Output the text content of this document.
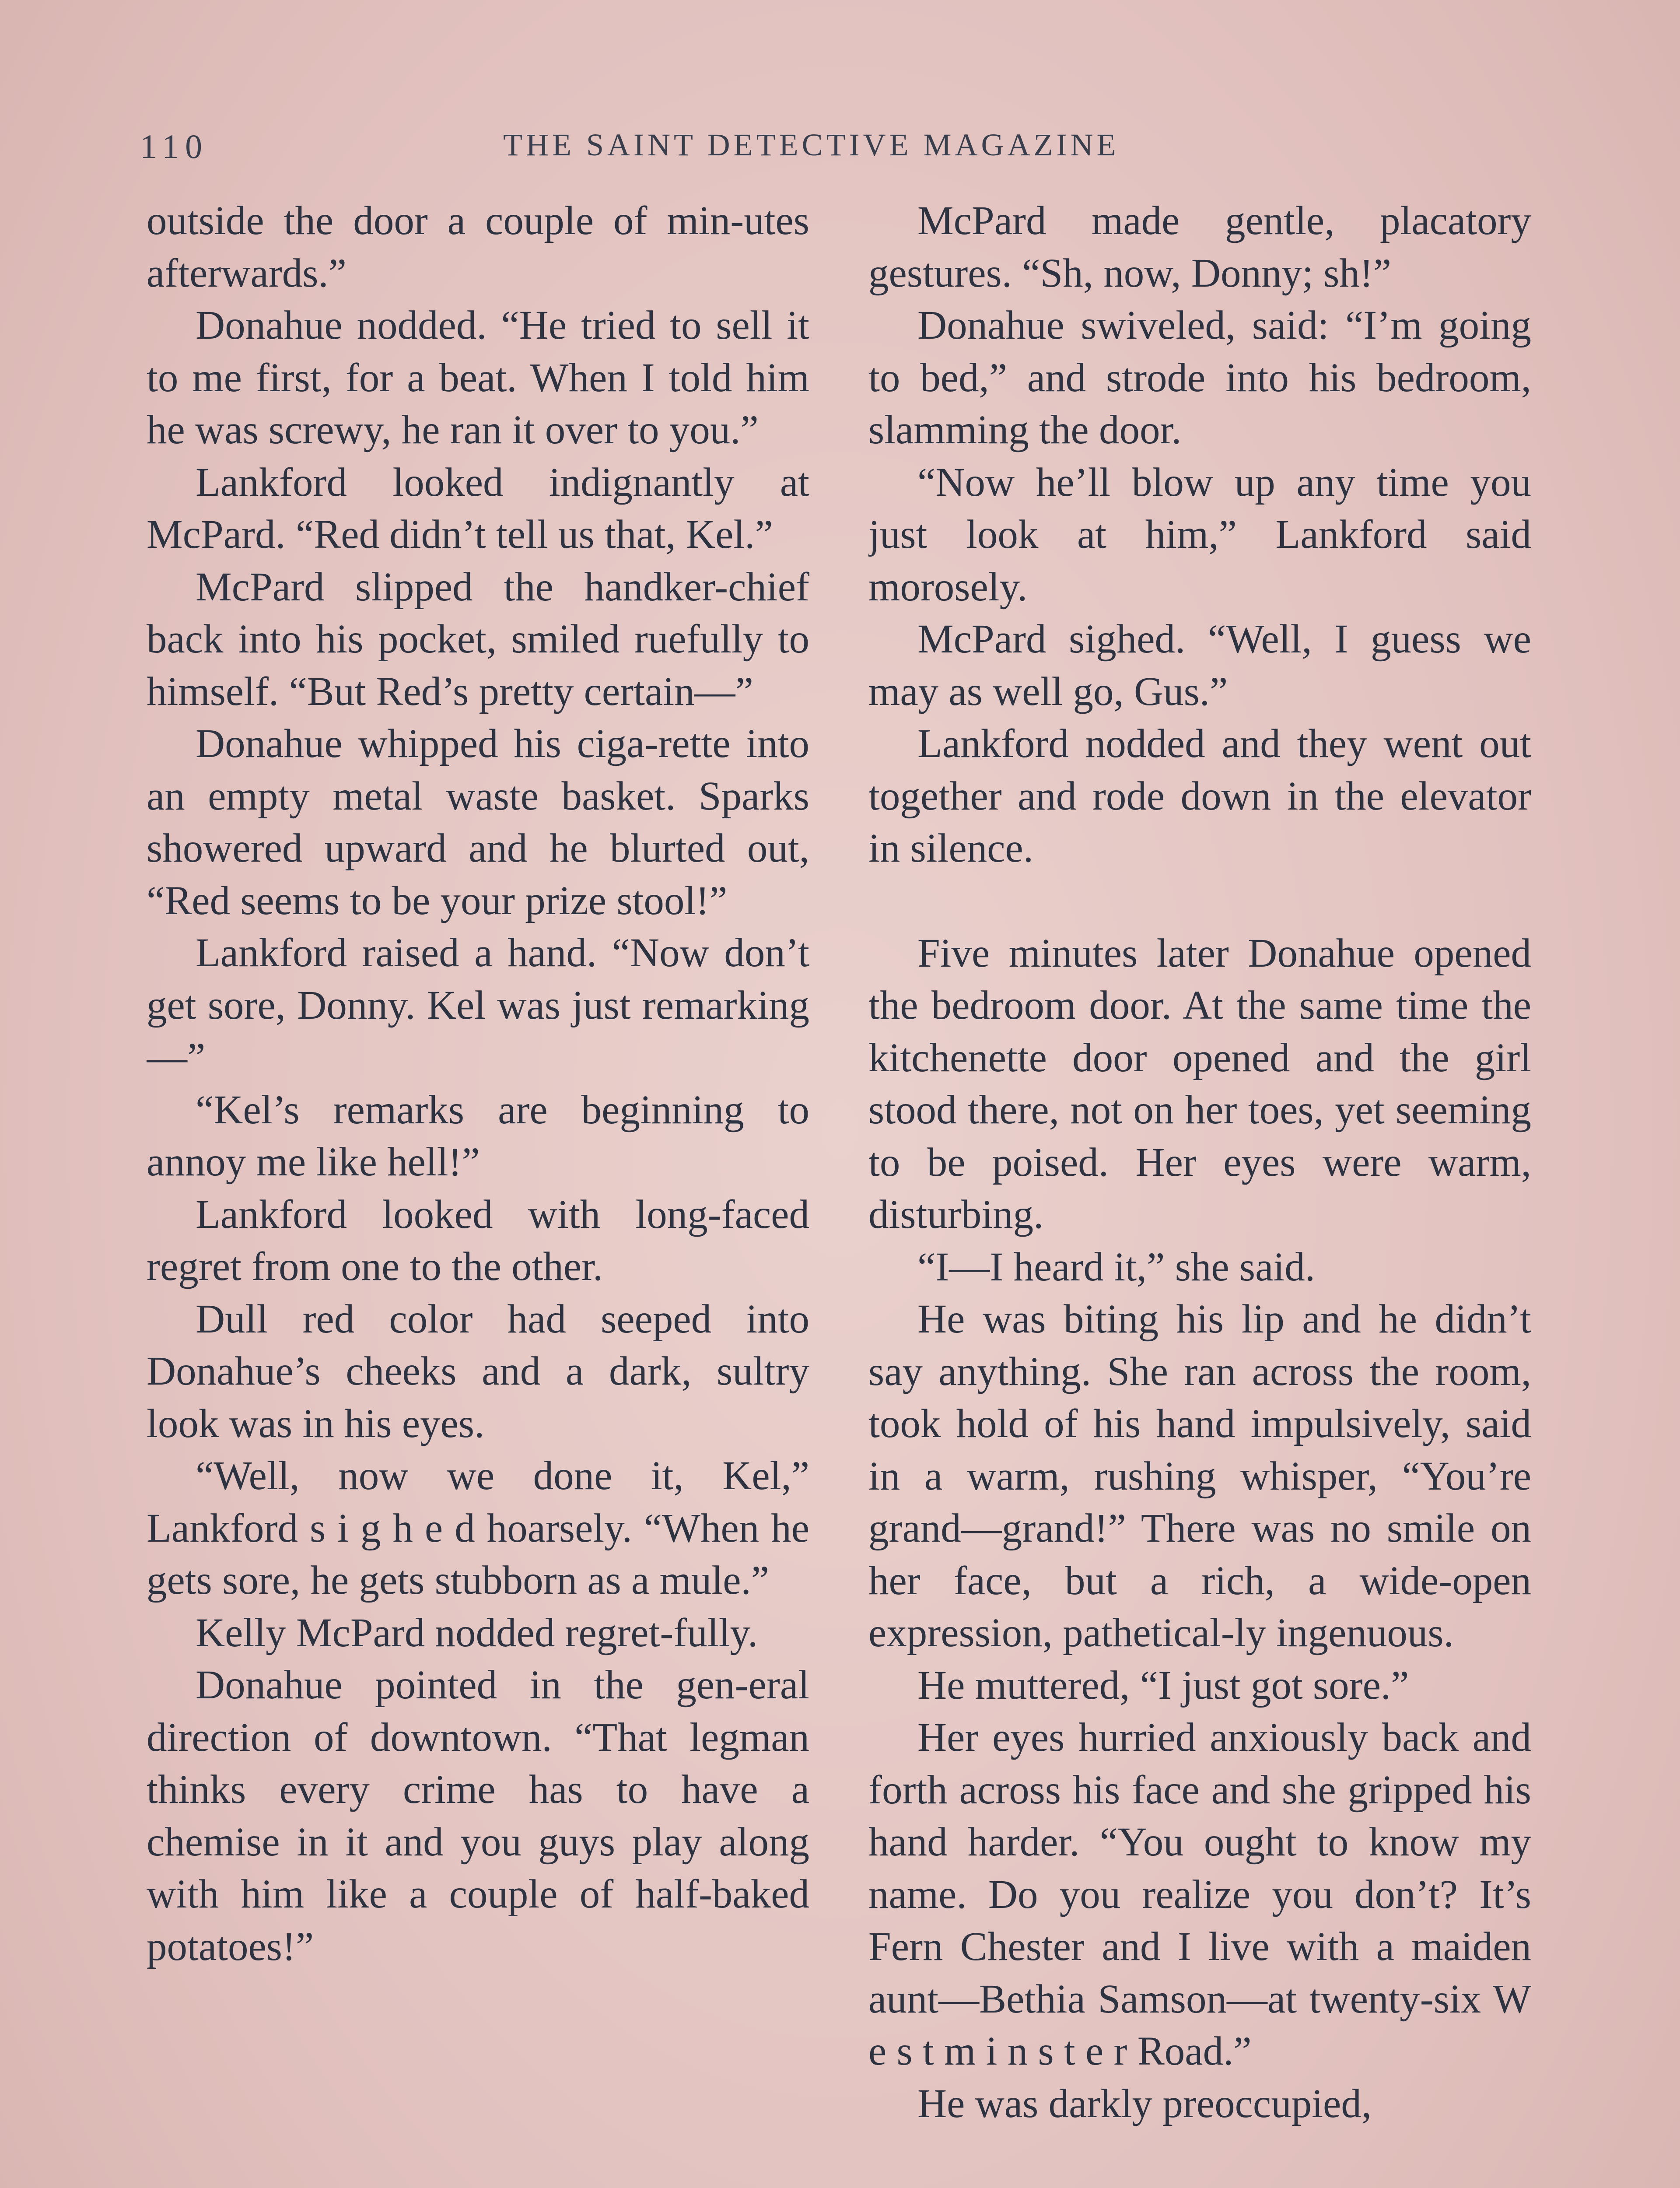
110	THE SAINT DETECTIVE MAGAZINE

outside the door a couple of min-utes afterwards.”

Donahue nodded. “He tried to sell it to me first, for a beat. When I told him he was screwy, he ran it over to you.”

Lankford looked indignantly at McPard. “Red didn’t tell us that, Kel.”

McPard slipped the handker-chief back into his pocket, smiled ruefully to himself. “But Red’s pretty certain—”

Donahue whipped his ciga-rette into an empty metal waste basket. Sparks showered upward and he blurted out, “Red seems to be your prize stool!”

Lankford raised a hand. “Now don’t get sore, Donny. Kel was just remarking—”

“Kel’s remarks are beginning to annoy me like hell!”

Lankford looked with long-faced regret from one to the other.

Dull red color had seeped into Donahue’s cheeks and a dark, sultry look was in his eyes.

“Well, now we done it, Kel,” Lankford s i g h e d hoarsely. “When he gets sore, he gets stubborn as a mule.”

Kelly McPard nodded regret-fully.

Donahue pointed in the gen-eral direction of downtown. “That legman thinks every crime has to have a chemise in it and you guys play along with him like a couple of half-baked potatoes!”

McPard made gentle, placatory gestures. “Sh, now, Donny; sh!”

Donahue swiveled, said: “I’m going to bed,” and strode into his bedroom, slamming the door.

“Now he’ll blow up any time you just look at him,” Lankford said morosely.

McPard sighed. “Well, I guess we may as well go, Gus.”

Lankford nodded and they went out together and rode down in the elevator in silence.

Five minutes later Donahue opened the bedroom door. At the same time the kitchenette door opened and the girl stood there, not on her toes, yet seeming to be poised. Her eyes were warm, disturbing.

“I—I heard it,” she said.

He was biting his lip and he didn’t say anything. She ran across the room, took hold of his hand impulsively, said in a warm, rushing whisper, “You’re grand—grand!” There was no smile on her face, but a rich, a wide-open expression, pathetical-ly ingenuous.

He muttered, “I just got sore.”

Her eyes hurried anxiously back and forth across his face and she gripped his hand harder. “You ought to know my name. Do you realize you don’t? It’s Fern Chester and I live with a maiden aunt—Bethia Samson—at twenty-six W e s t m i n s t e r Road.”

He was darkly preoccupied,
